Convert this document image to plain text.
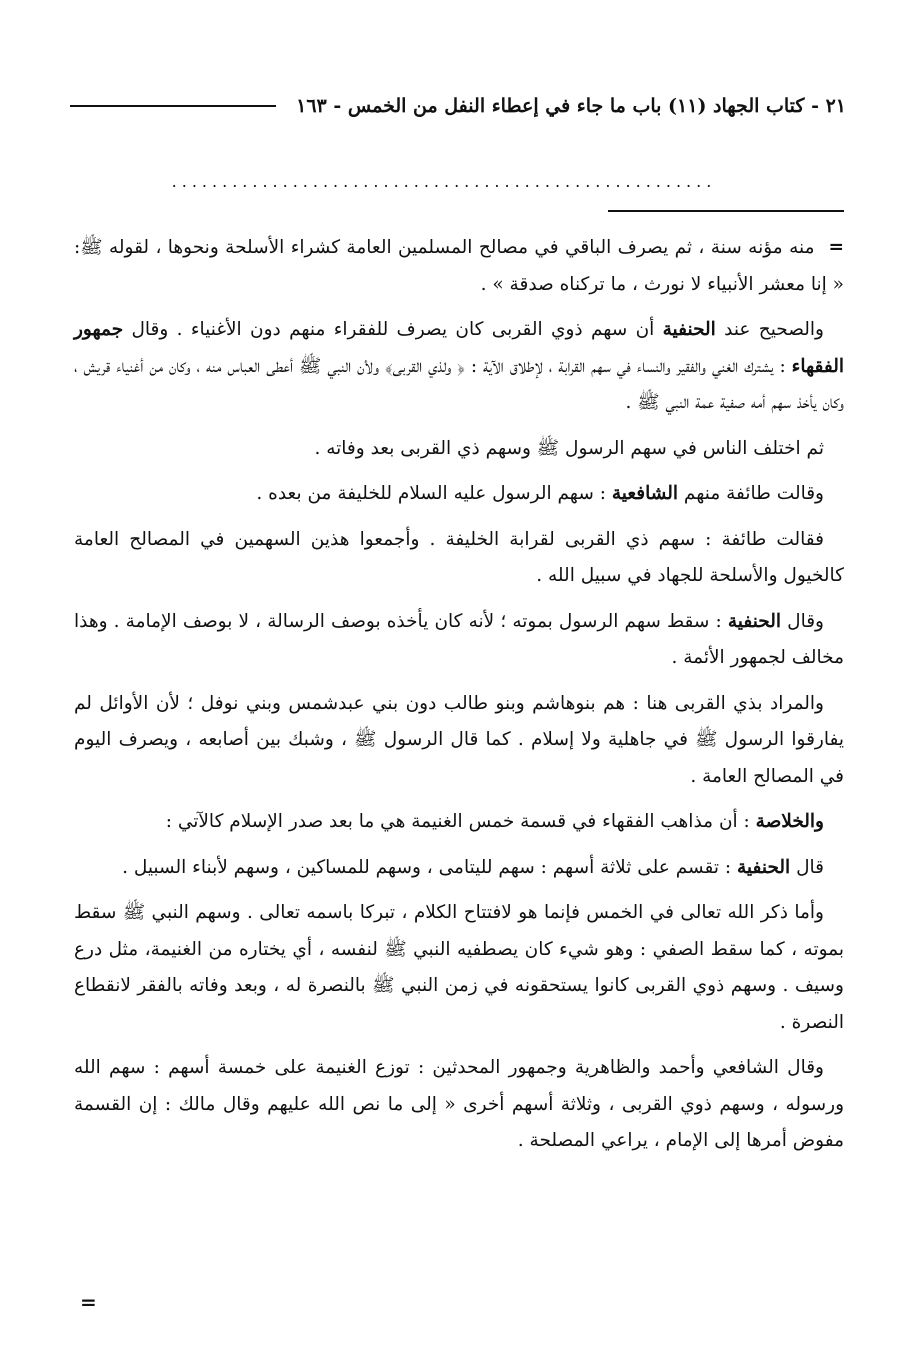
٢١ - كتاب الجهاد (١١) باب ما جاء في إعطاء النفل من الخمس - ١٦٣
......................................................

=منه مؤنه سنة ، ثم يصرف الباقي في مصالح المسلمين العامة كشراء الأسلحة ونحوها ، لقوله ﷺ: « إنا معشر الأنبياء لا نورث ، ما تركناه صدقة » .

والصحيح عند الحنفية أن سهم ذوي القربى كان يصرف للفقراء منهم دون الأغنياء . وقال جمهور الفقهاء : يشترك الغني والفقير والنساء في سهم القرابة ، لإطلاق الآية : ﴿ ولذي القربى﴾ ولأن النبي ﷺ أعطى العباس منه ، وكان من أغنياء قريش ، وكان يأخذ سهم أمه صفية عمة النبي ﷺ .

ثم اختلف الناس في سهم الرسول ﷺ وسهم ذي القربى بعد وفاته .

وقالت طائفة منهم الشافعية : سهم الرسول عليه السلام للخليفة من بعده .

فقالت طائفة : سهم ذي القربى لقرابة الخليفة . وأجمعوا هذين السهمين في المصالح العامة كالخيول والأسلحة للجهاد في سبيل الله .

وقال الحنفية : سقط سهم الرسول بموته ؛ لأنه كان يأخذه بوصف الرسالة ، لا بوصف الإمامة . وهذا مخالف لجمهور الأئمة .

والمراد بذي القربى هنا : هم بنوهاشم وبنو طالب دون بني عبدشمس وبني نوفل ؛ لأن الأوائل لم يفارقوا الرسول ﷺ في جاهلية ولا إسلام . كما قال الرسول ﷺ ، وشبك بين أصابعه ، ويصرف اليوم في المصالح العامة .

والخلاصة : أن مذاهب الفقهاء في قسمة خمس الغنيمة هي ما بعد صدر الإسلام كالآتي :

قال الحنفية : تقسم على ثلاثة أسهم : سهم لليتامى ، وسهم للمساكين ، وسهم لأبناء السبيل .

وأما ذكر الله تعالى في الخمس فإنما هو لافتتاح الكلام ، تبركا باسمه تعالى . وسهم النبي ﷺ سقط بموته ، كما سقط الصفي : وهو شيء كان يصطفيه النبي ﷺ لنفسه ، أي يختاره من الغنيمة، مثل درع وسيف . وسهم ذوي القربى كانوا يستحقونه في زمن النبي ﷺ بالنصرة له ، وبعد وفاته بالفقر لانقطاع النصرة .

وقال الشافعي وأحمد والظاهرية وجمهور المحدثين : توزع الغنيمة على خمسة أسهم : سهم الله ورسوله ، وسهم ذوي القربى ، وثلاثة أسهم أخرى « إلى ما نص الله عليهم وقال مالك : إن القسمة مفوض أمرها إلى الإمام ، يراعي المصلحة .

=
